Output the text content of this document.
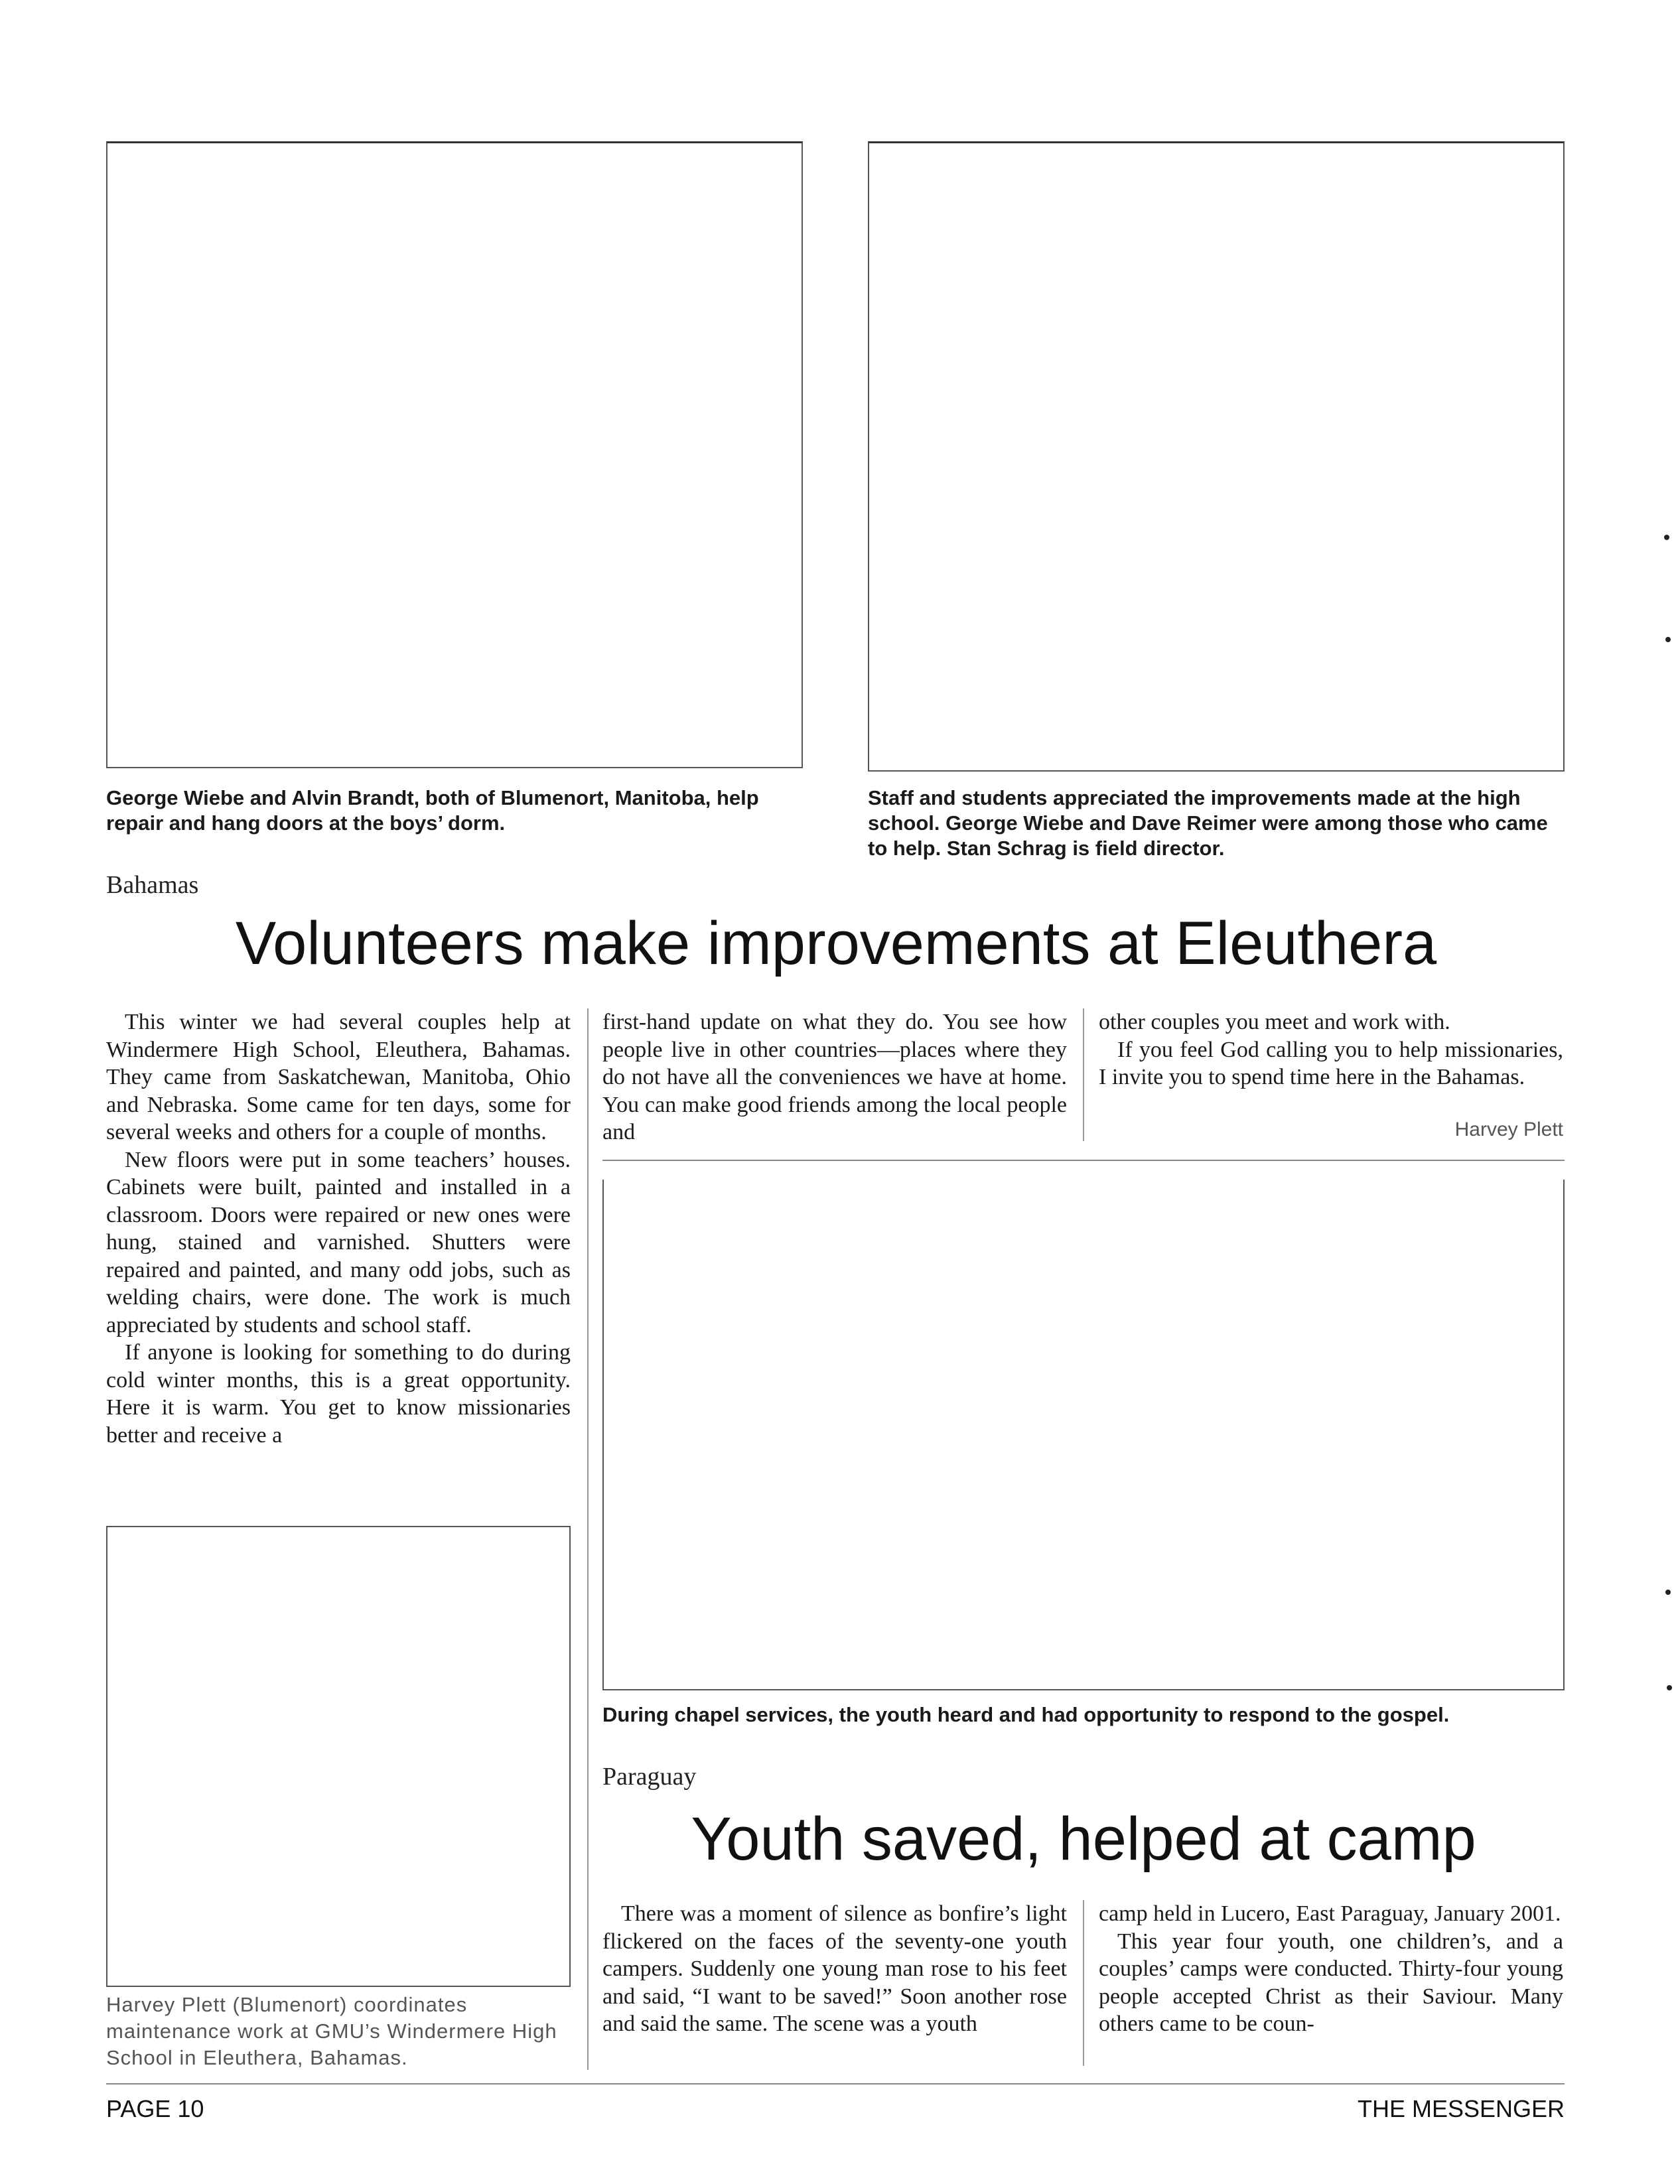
George Wiebe and Alvin Brandt, both of Blumenort, Manitoba, help repair and hang doors at the boys’ dorm.
Staff and students appreciated the improvements made at the high school. George Wiebe and Dave Reimer were among those who came to help. Stan Schrag is field director.
Bahamas
Volunteers make improvements at Eleuthera

This winter we had several couples help at Windermere High School, Eleuthera, Bahamas. They came from Saskatchewan, Manitoba, Ohio and Nebraska. Some came for ten days, some for several weeks and others for a couple of months.

New floors were put in some teachers’ houses. Cabinets were built, painted and installed in a classroom. Doors were repaired or new ones were hung, stained and varnished. Shutters were repaired and painted, and many odd jobs, such as welding chairs, were done. The work is much appreciated by students and school staff.

If anyone is looking for something to do during cold winter months, this is a great opportunity. Here it is warm. You get to know missionaries better and receive a

first-hand update on what they do. You see how people live in other countries—places where they do not have all the conveniences we have at home. You can make good friends among the local people and

other couples you meet and work with.

If you feel God calling you to help missionaries, I invite you to spend time here in the Bahamas.

Harvey Plett
During chapel services, the youth heard and had opportunity to respond to the gospel.
Harvey Plett (Blumenort) coordinates maintenance work at GMU’s Windermere High School in Eleuthera, Bahamas.
Paraguay
Youth saved, helped at camp

There was a moment of silence as bonfire’s light flickered on the faces of the seventy-one youth campers. Suddenly one young man rose to his feet and said, “I want to be saved!” Soon another rose and said the same. The scene was a youth

camp held in Lucero, East Paraguay, January 2001.

This year four youth, one children’s, and a couples’ camps were conducted. Thirty-four young people accepted Christ as their Saviour. Many others came to be coun-

PAGE 10	THE MESSENGER
